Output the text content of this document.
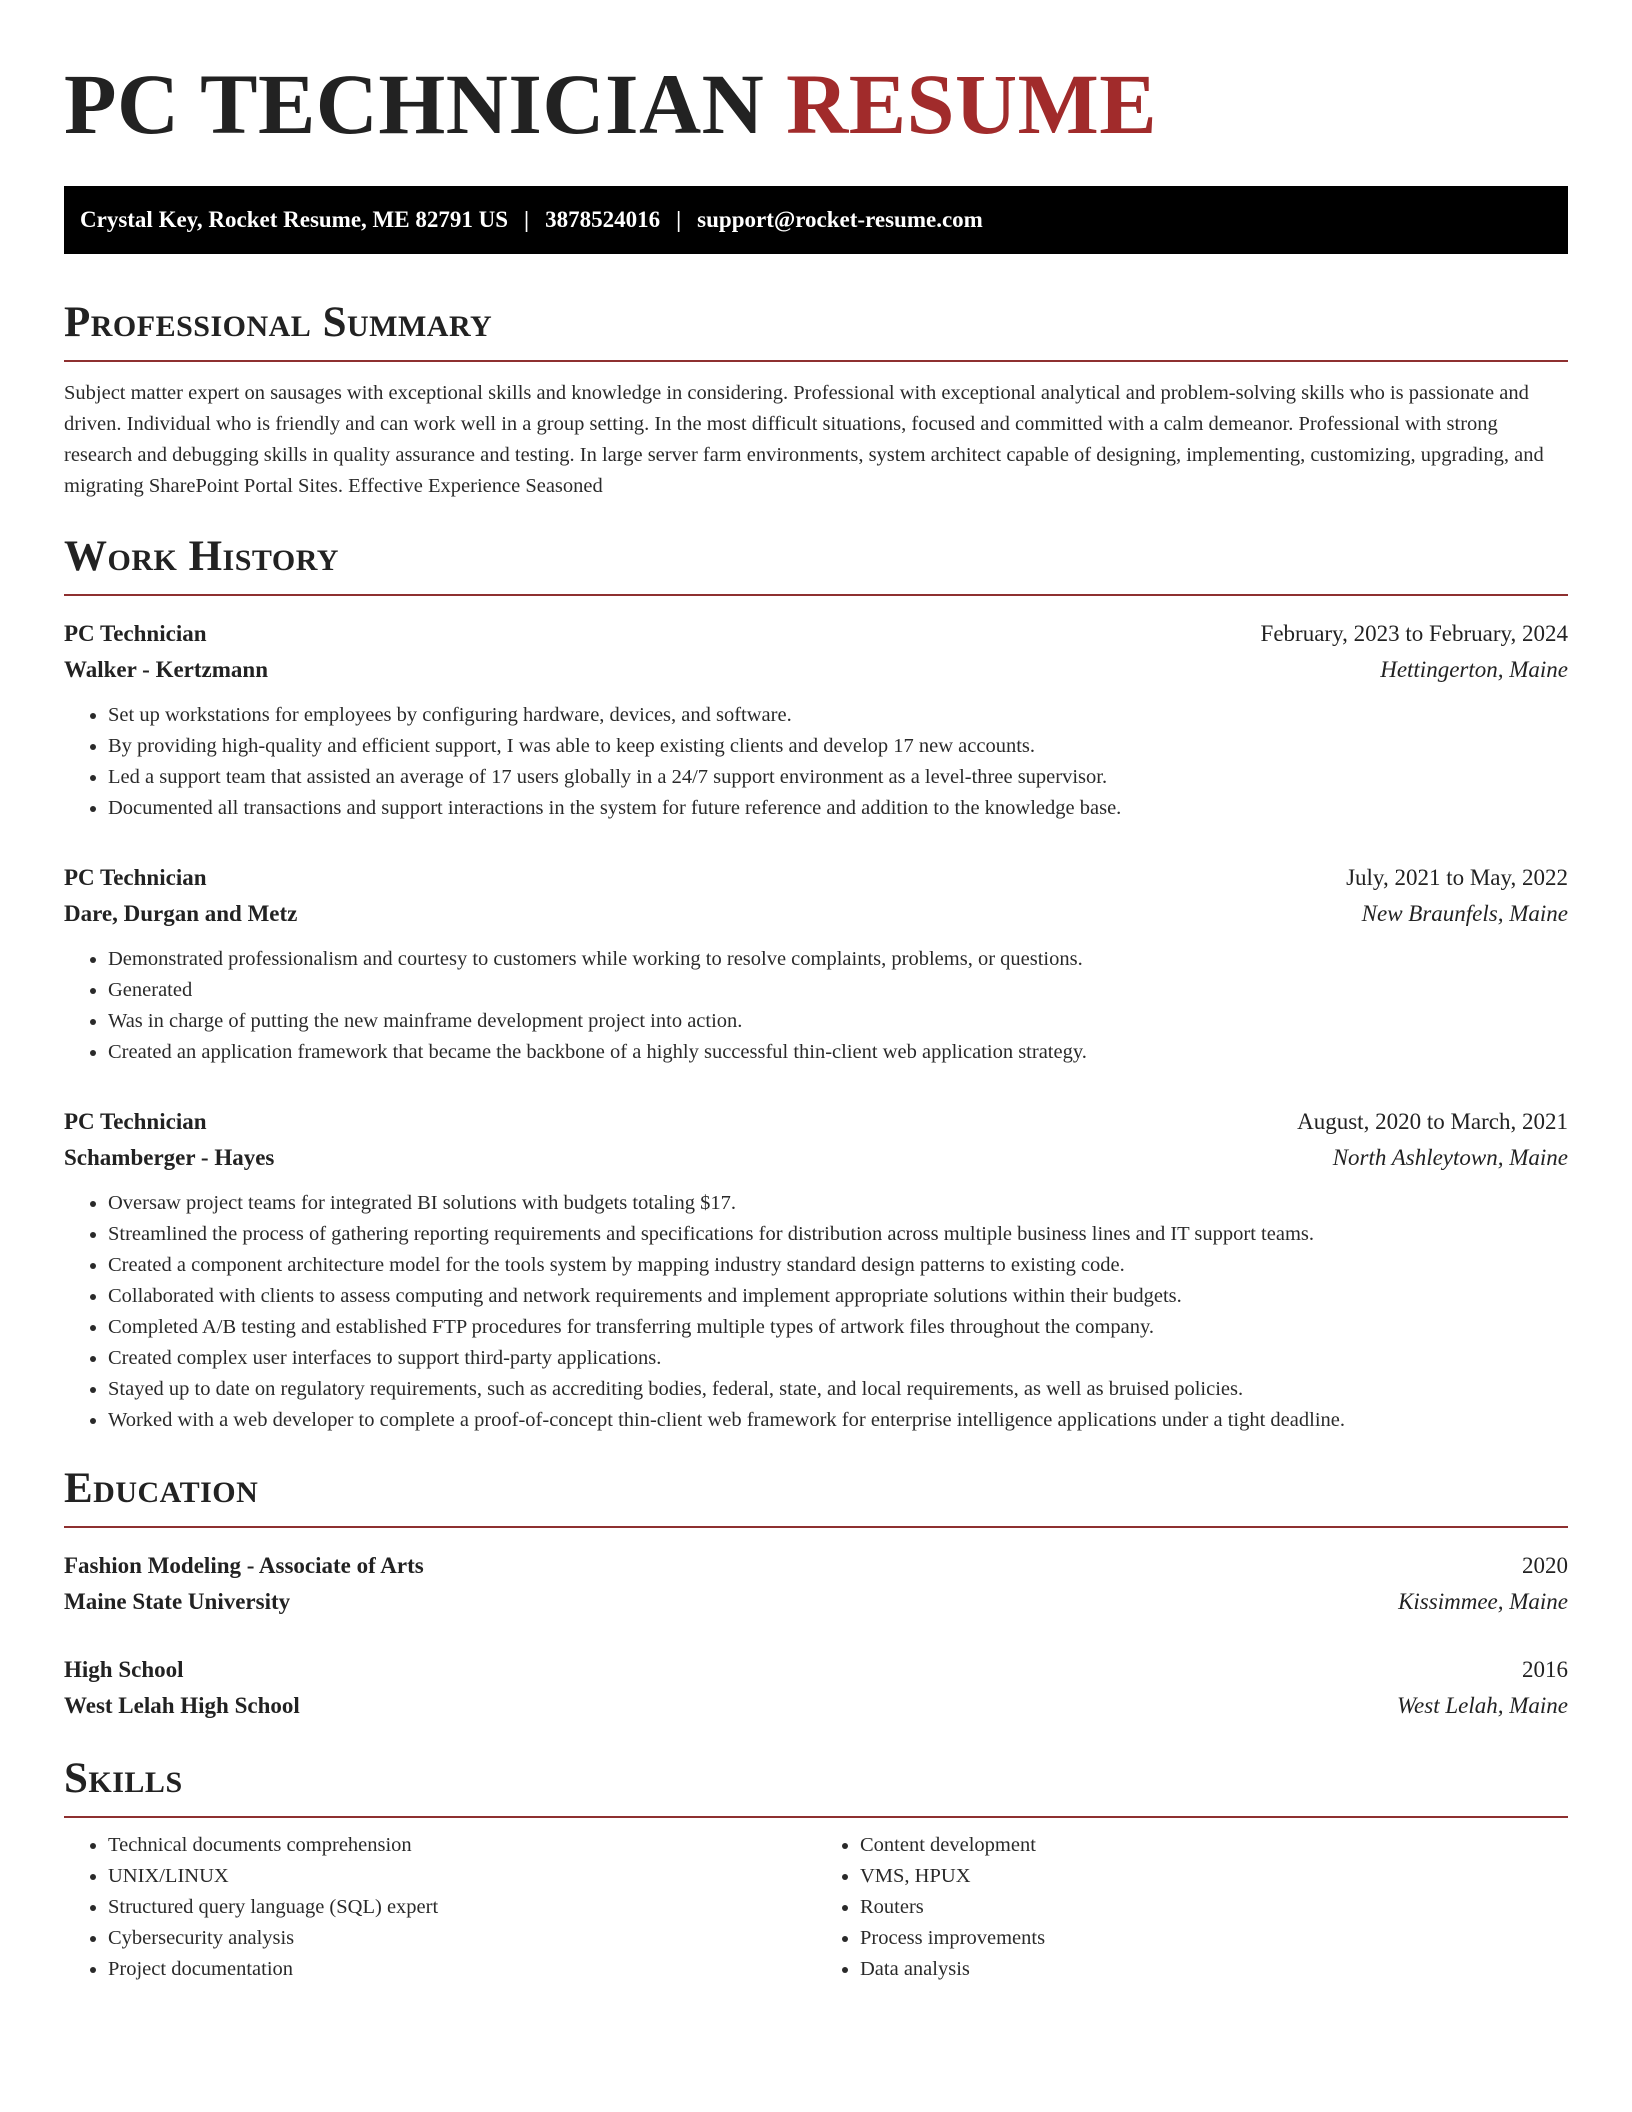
PC TECHNICIAN RESUME
Crystal Key, Rocket Resume, ME 82791 US | 3878524016 | support@rocket-resume.com
Professional Summary

Subject matter expert on sausages with exceptional skills and knowledge in considering. Professional with exceptional analytical and problem-solving skills who is passionate and driven. Individual who is friendly and can work well in a group setting. In the most difficult situations, focused and committed with a calm demeanor. Professional with strong research and debugging skills in quality assurance and testing. In large server farm environments, system architect capable of designing, implementing, customizing, upgrading, and migrating SharePoint Portal Sites. Effective Experience Seasoned

Work History
PC Technician	February, 2023 to February, 2024
Walker - Kertzmann	Hettingerton, Maine
• Set up workstations for employees by configuring hardware, devices, and software.
• By providing high-quality and efficient support, I was able to keep existing clients and develop 17 new accounts.
• Led a support team that assisted an average of 17 users globally in a 24/7 support environment as a level-three supervisor.
• Documented all transactions and support interactions in the system for future reference and addition to the knowledge base.
PC Technician	July, 2021 to May, 2022
Dare, Durgan and Metz	New Braunfels, Maine
• Demonstrated professionalism and courtesy to customers while working to resolve complaints, problems, or questions.
• Generated
• Was in charge of putting the new mainframe development project into action.
• Created an application framework that became the backbone of a highly successful thin-client web application strategy.
PC Technician	August, 2020 to March, 2021
Schamberger - Hayes	North Ashleytown, Maine
• Oversaw project teams for integrated BI solutions with budgets totaling $17.
• Streamlined the process of gathering reporting requirements and specifications for distribution across multiple business lines and IT support teams.
• Created a component architecture model for the tools system by mapping industry standard design patterns to existing code.
• Collaborated with clients to assess computing and network requirements and implement appropriate solutions within their budgets.
• Completed A/B testing and established FTP procedures for transferring multiple types of artwork files throughout the company.
• Created complex user interfaces to support third-party applications.
• Stayed up to date on regulatory requirements, such as accrediting bodies, federal, state, and local requirements, as well as bruised policies.
• Worked with a web developer to complete a proof-of-concept thin-client web framework for enterprise intelligence applications under a tight deadline.
Education
Fashion Modeling - Associate of Arts	2020
Maine State University	Kissimmee, Maine
High School	2016
West Lelah High School	West Lelah, Maine
Skills
• Technical documents comprehension
• UNIX/LINUX
• Structured query language (SQL) expert
• Cybersecurity analysis
• Project documentation
• Content development
• VMS, HPUX
• Routers
• Process improvements
• Data analysis
